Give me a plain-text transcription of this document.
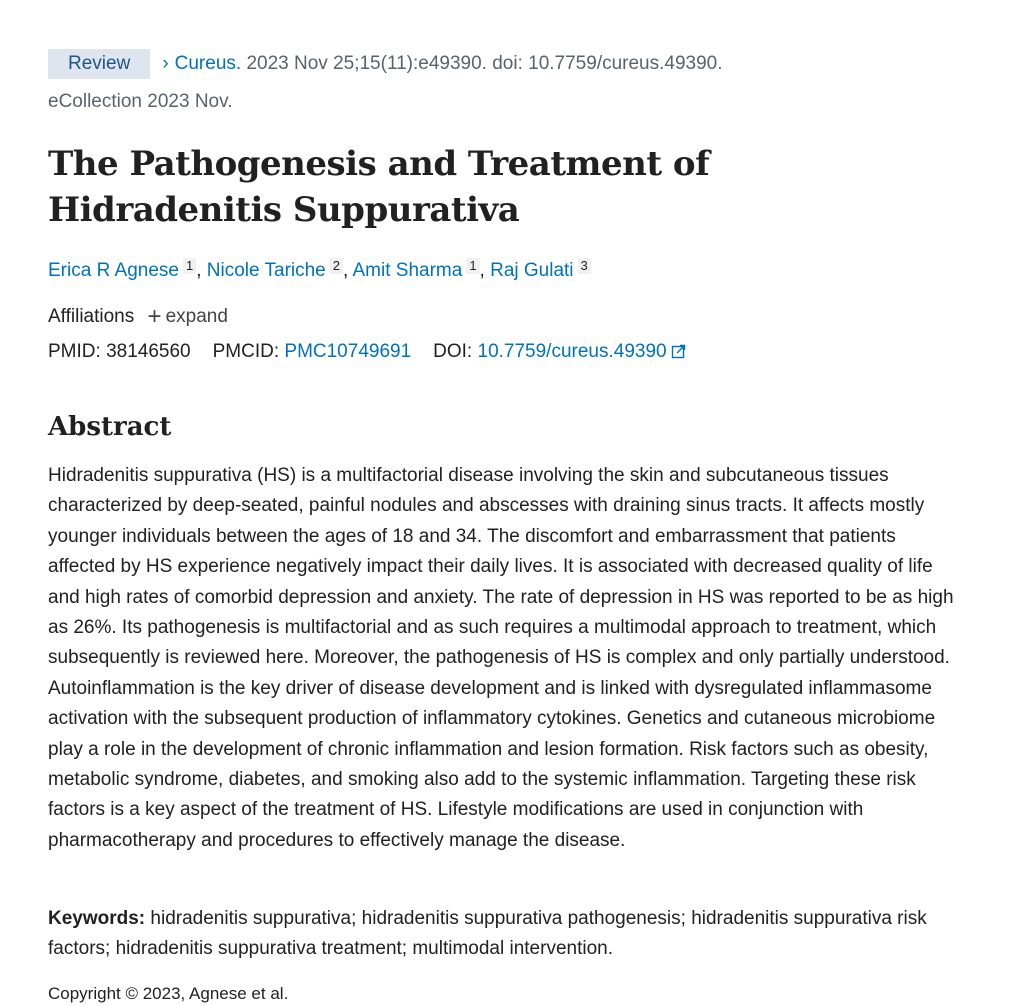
Review › Cureus. 2023 Nov 25;15(11):e49390. doi: 10.7759/cureus.49390.
eCollection 2023 Nov.
The Pathogenesis and Treatment of Hidradenitis Suppurativa
Erica R Agnese 1 , Nicole Tariche 2 , Amit Sharma 1 , Raj Gulati 3
Affiliations + expand
PMID: 38146560 PMCID: PMC10749691 DOI: 10.7759/cureus.49390
Abstract

Hidradenitis suppurativa (HS) is a multifactorial disease involving the skin and subcutaneous tissues characterized by deep-seated, painful nodules and abscesses with draining sinus tracts. It affects mostly younger individuals between the ages of 18 and 34. The discomfort and embarrassment that patients affected by HS experience negatively impact their daily lives. It is associated with decreased quality of life and high rates of comorbid depression and anxiety. The rate of depression in HS was reported to be as high as 26%. Its pathogenesis is multifactorial and as such requires a multimodal approach to treatment, which subsequently is reviewed here. Moreover, the pathogenesis of HS is complex and only partially understood. Autoinflammation is the key driver of disease development and is linked with dysregulated inflammasome activation with the subsequent production of inflammatory cytokines. Genetics and cutaneous microbiome play a role in the development of chronic inflammation and lesion formation. Risk factors such as obesity, metabolic syndrome, diabetes, and smoking also add to the systemic inflammation. Targeting these risk factors is a key aspect of the treatment of HS. Lifestyle modifications are used in conjunction with pharmacotherapy and procedures to effectively manage the disease.

Keywords: hidradenitis suppurativa; hidradenitis suppurativa pathogenesis; hidradenitis suppurativa risk factors; hidradenitis suppurativa treatment; multimodal intervention.

Copyright © 2023, Agnese et al.
